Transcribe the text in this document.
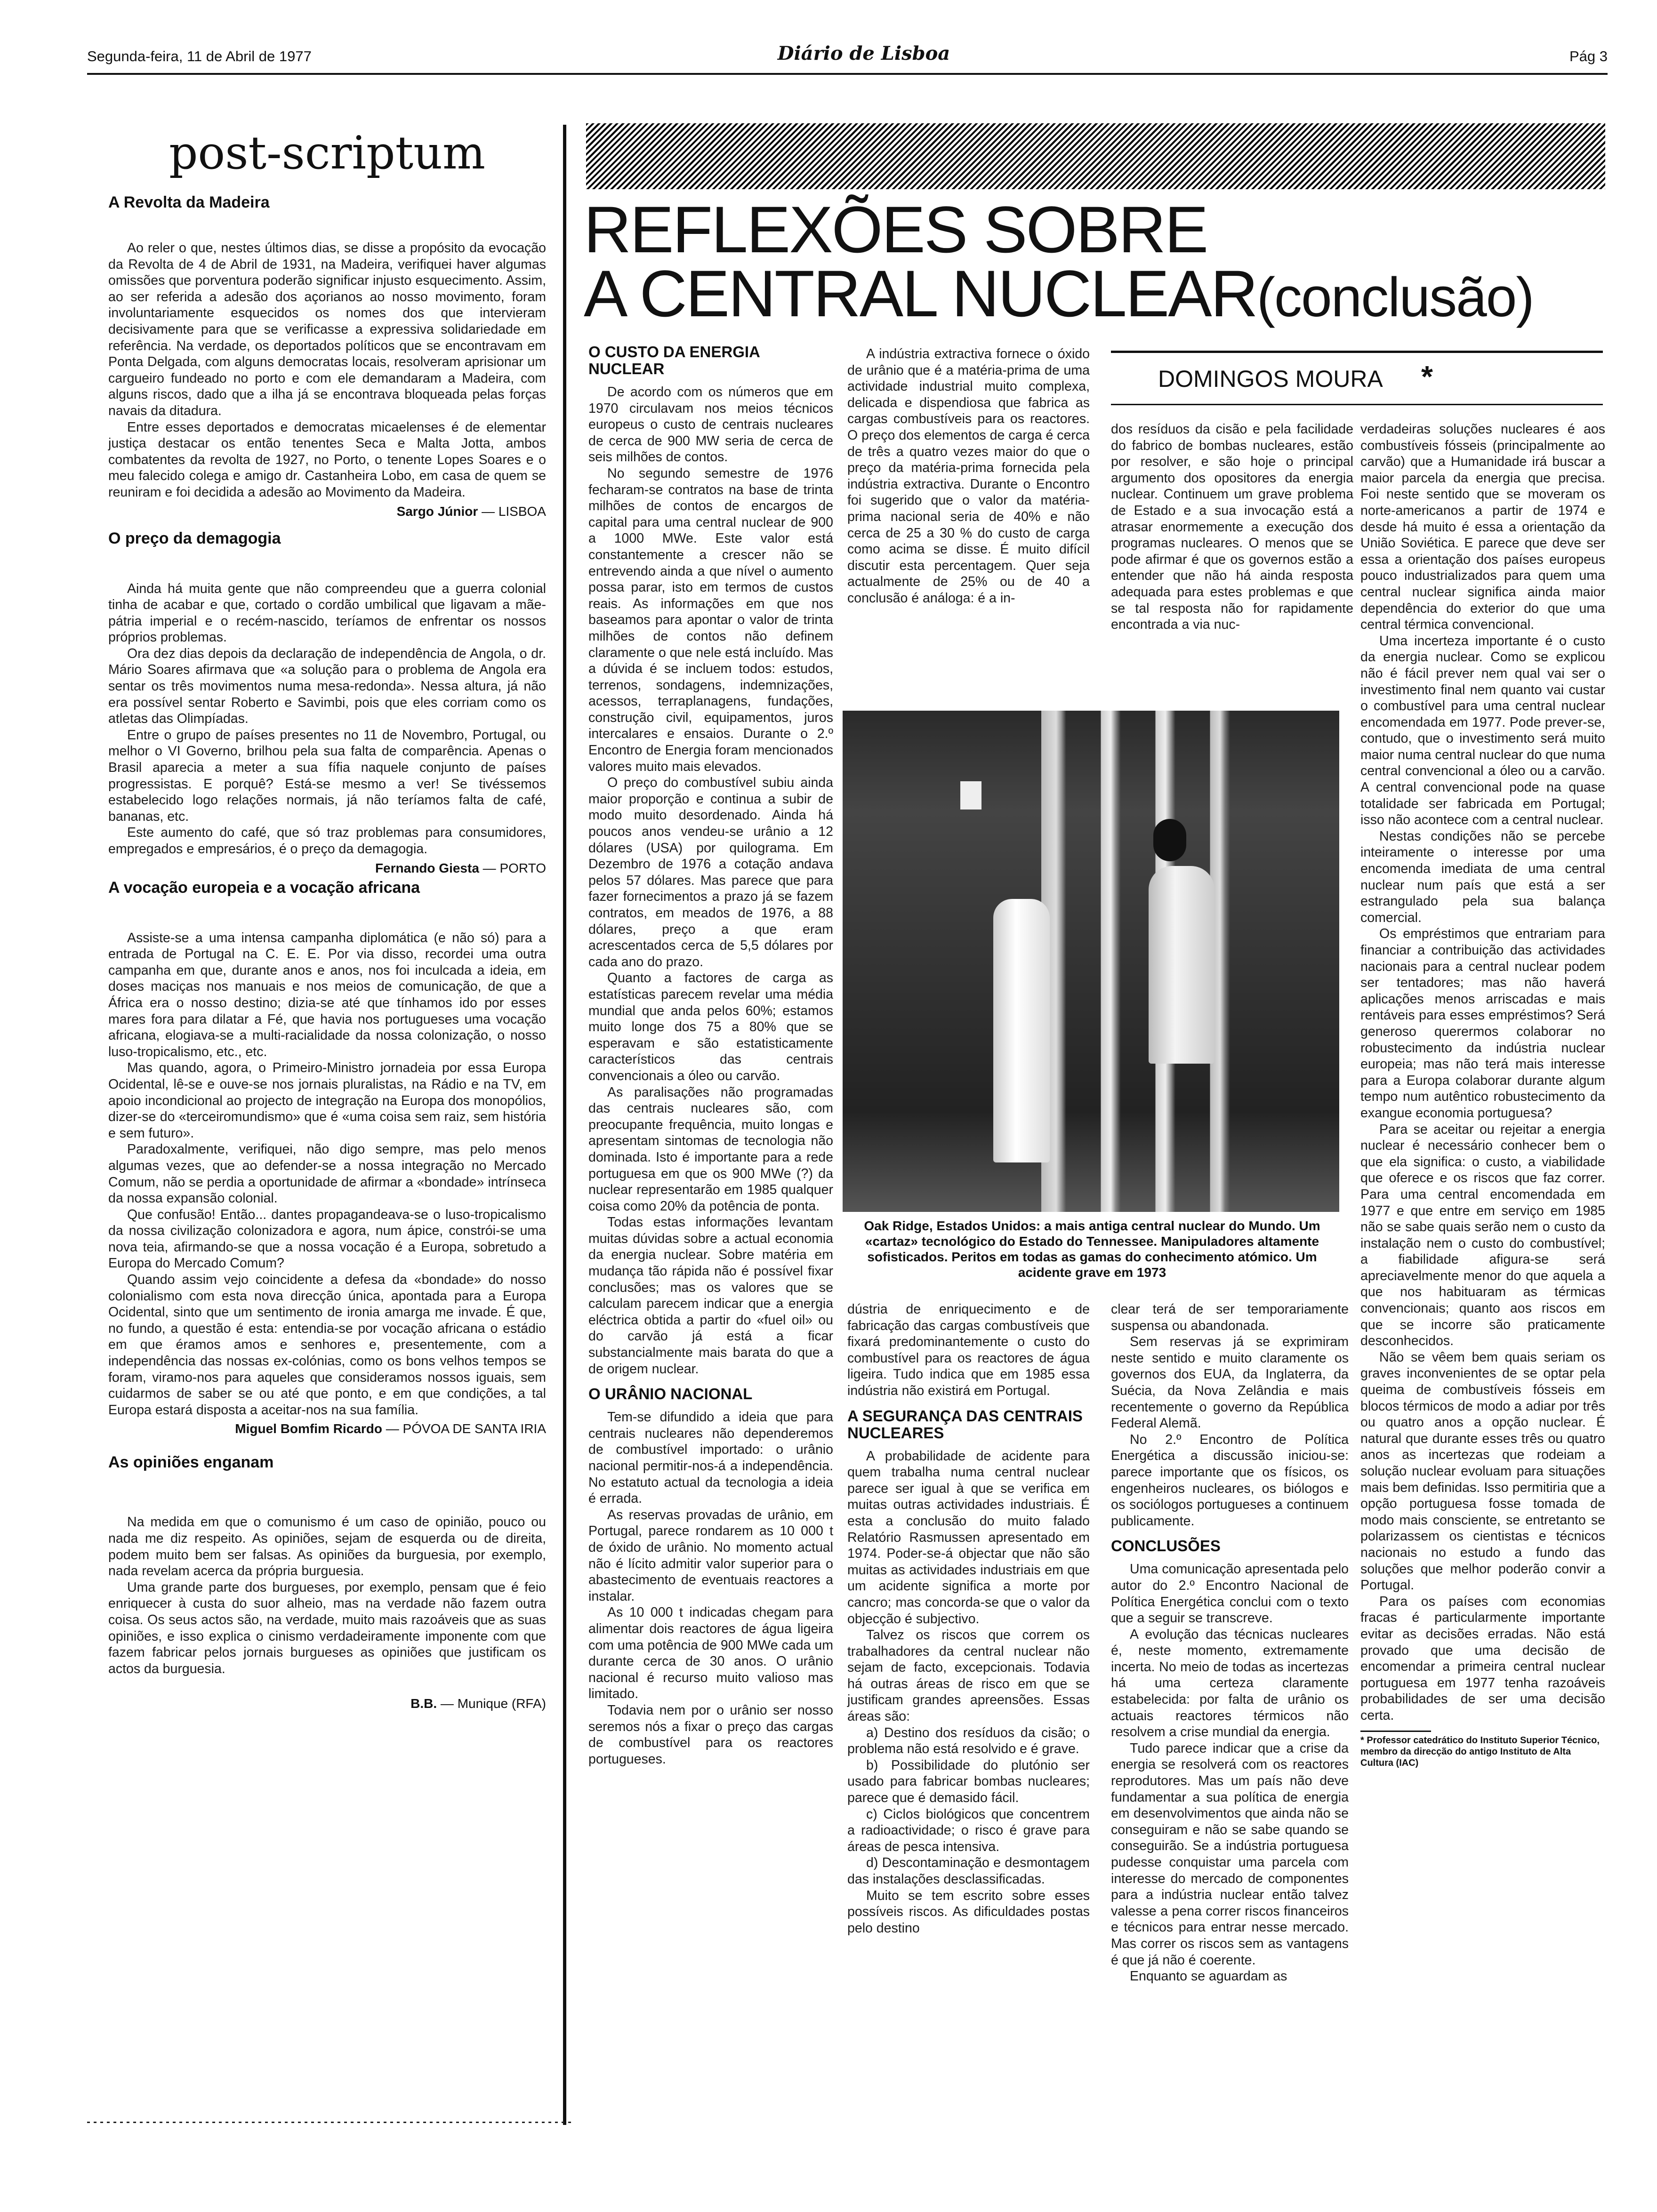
Segunda-feira, 11 de Abril de 1977	Diário de Lisboa	Pág 3
post-scriptum
A Revolta da Madeira

Ao reler o que, nestes últimos dias, se disse a propósito da evocação da Revolta de 4 de Abril de 1931, na Madeira, verifiquei haver algumas omissões que porventura poderão significar injusto esquecimento. Assim, ao ser referida a adesão dos açorianos ao nosso movimento, foram involuntariamente esquecidos os nomes dos que intervieram decisivamente para que se verificasse a expressiva solidariedade em referência. Na verdade, os deportados políticos que se encontravam em Ponta Delgada, com alguns democratas locais, resolveram aprisionar um cargueiro fundeado no porto e com ele demandaram a Madeira, com alguns riscos, dado que a ilha já se encontrava bloqueada pelas forças navais da ditadura.

Entre esses deportados e democratas micaelenses é de elementar justiça destacar os então tenentes Seca e Malta Jotta, ambos combatentes da revolta de 1927, no Porto, o tenente Lopes Soares e o meu falecido colega e amigo dr. Castanheira Lobo, em casa de quem se reuniram e foi decidida a adesão ao Movimento da Madeira.

Sargo Júnior — LISBOA
O preço da demagogia

Ainda há muita gente que não compreendeu que a guerra colonial tinha de acabar e que, cortado o cordão umbilical que ligavam a mãe-pátria imperial e o recém-nascido, teríamos de enfrentar os nossos próprios problemas.

Ora dez dias depois da declaração de independência de Angola, o dr. Mário Soares afirmava que «a solução para o problema de Angola era sentar os três movimentos numa mesa-redonda». Nessa altura, já não era possível sentar Roberto e Savimbi, pois que eles corriam como os atletas das Olimpíadas.

Entre o grupo de países presentes no 11 de Novembro, Portugal, ou melhor o VI Governo, brilhou pela sua falta de comparência. Apenas o Brasil aparecia a meter a sua fífia naquele conjunto de países progressistas. E porquê? Está-se mesmo a ver! Se tivéssemos estabelecido logo relações normais, já não teríamos falta de café, bananas, etc.

Este aumento do café, que só traz problemas para consumidores, empregados e empresários, é o preço da demagogia.

Fernando Giesta — PORTO
A vocação europeia e a vocação africana

Assiste-se a uma intensa campanha diplomática (e não só) para a entrada de Portugal na C. E. E. Por via disso, recordei uma outra campanha em que, durante anos e anos, nos foi inculcada a ideia, em doses maciças nos manuais e nos meios de comunicação, de que a África era o nosso destino; dizia-se até que tínhamos ido por esses mares fora para dilatar a Fé, que havia nos portugueses uma vocação africana, elogiava-se a multi-racialidade da nossa colonização, o nosso luso-tropicalismo, etc., etc.

Mas quando, agora, o Primeiro-Ministro jornadeia por essa Europa Ocidental, lê-se e ouve-se nos jornais pluralistas, na Rádio e na TV, em apoio incondicional ao projecto de integração na Europa dos monopólios, dizer-se do «terceiromundismo» que é «uma coisa sem raiz, sem história e sem futuro».

Paradoxalmente, verifiquei, não digo sempre, mas pelo menos algumas vezes, que ao defender-se a nossa integração no Mercado Comum, não se perdia a oportunidade de afirmar a «bondade» intrínseca da nossa expansão colonial.

Que confusão! Então... dantes propagandeava-se o luso-tropicalismo da nossa civilização colonizadora e agora, num ápice, constrói-se uma nova teia, afirmando-se que a nossa vocação é a Europa, sobretudo a Europa do Mercado Comum?

Quando assim vejo coincidente a defesa da «bondade» do nosso colonialismo com esta nova direcção única, apontada para a Europa Ocidental, sinto que um sentimento de ironia amarga me invade. É que, no fundo, a questão é esta: entendia-se por vocação africana o estádio em que éramos amos e senhores e, presentemente, com a independência das nossas ex-colónias, como os bons velhos tempos se foram, viramo-nos para aqueles que consideramos nossos iguais, sem cuidarmos de saber se ou até que ponto, e em que condições, a tal Europa estará disposta a aceitar-nos na sua família.

Miguel Bomfim Ricardo — PÓVOA DE SANTA IRIA
As opiniões enganam

Na medida em que o comunismo é um caso de opinião, pouco ou nada me diz respeito. As opiniões, sejam de esquerda ou de direita, podem muito bem ser falsas. As opiniões da burguesia, por exemplo, nada revelam acerca da própria burguesia.

Uma grande parte dos burgueses, por exemplo, pensam que é feio enriquecer à custa do suor alheio, mas na verdade não fazem outra coisa. Os seus actos são, na verdade, muito mais razoáveis que as suas opiniões, e isso explica o cinismo verdadeiramente imponente com que fazem fabricar pelos jornais burgueses as opiniões que justificam os actos da burguesia.

B.B. — Munique (RFA)
REFLEXÕES SOBRE
A CENTRAL NUCLEAR(conclusão)
DOMINGOS MOURA *
O CUSTO DA ENERGIA NUCLEAR

De acordo com os números que em 1970 circulavam nos meios técnicos europeus o custo de centrais nucleares de cerca de 900 MW seria de cerca de seis milhões de contos.

No segundo semestre de 1976 fecharam-se contratos na base de trinta milhões de contos de encargos de capital para uma central nuclear de 900 a 1000 MWe. Este valor está constantemente a crescer não se entrevendo ainda a que nível o aumento possa parar, isto em termos de custos reais. As informações em que nos baseamos para apontar o valor de trinta milhões de contos não definem claramente o que nele está incluído. Mas a dúvida é se incluem todos: estudos, terrenos, sondagens, indemnizações, acessos, terraplanagens, fundações, construção civil, equipamentos, juros intercalares e ensaios. Durante o 2.º Encontro de Energia foram mencionados valores muito mais elevados.

O preço do combustível subiu ainda maior proporção e continua a subir de modo muito desordenado. Ainda há poucos anos vendeu-se urânio a 12 dólares (USA) por quilograma. Em Dezembro de 1976 a cotação andava pelos 57 dólares. Mas parece que para fazer fornecimentos a prazo já se fazem contratos, em meados de 1976, a 88 dólares, preço a que eram acrescentados cerca de 5,5 dólares por cada ano do prazo.

Quanto a factores de carga as estatísticas parecem revelar uma média mundial que anda pelos 60%; estamos muito longe dos 75 a 80% que se esperavam e são estatisticamente característicos das centrais convencionais a óleo ou carvão.

As paralisações não programadas das centrais nucleares são, com preocupante frequência, muito longas e apresentam sintomas de tecnologia não dominada. Isto é importante para a rede portuguesa em que os 900 MWe (?) da nuclear representarão em 1985 qualquer coisa como 20% da potência de ponta.

Todas estas informações levantam muitas dúvidas sobre a actual economia da energia nuclear. Sobre matéria em mudança tão rápida não é possível fixar conclusões; mas os valores que se calculam parecem indicar que a energia eléctrica obtida a partir do «fuel oil» ou do carvão já está a ficar substancialmente mais barata do que a de origem nuclear.

O URÂNIO NACIONAL

Tem-se difundido a ideia que para centrais nucleares não dependeremos de combustível importado: o urânio nacional permitir-nos-á a independência. No estatuto actual da tecnologia a ideia é errada.

As reservas provadas de urânio, em Portugal, parece rondarem as 10 000 t de óxido de urânio. No momento actual não é lícito admitir valor superior para o abastecimento de eventuais reactores a instalar.

As 10 000 t indicadas chegam para alimentar dois reactores de água ligeira com uma potência de 900 MWe cada um durante cerca de 30 anos. O urânio nacional é recurso muito valioso mas limitado.

Todavia nem por o urânio ser nosso seremos nós a fixar o preço das cargas de combustível para os reactores portugueses.

A indústria extractiva fornece o óxido de urânio que é a matéria-prima de uma actividade industrial muito complexa, delicada e dispendiosa que fabrica as cargas combustíveis para os reactores. O preço dos elementos de carga é cerca de três a quatro vezes maior do que o preço da matéria-prima fornecida pela indústria extractiva. Durante o Encontro foi sugerido que o valor da matéria-prima nacional seria de 40% e não cerca de 25 a 30 % do custo de carga como acima se disse. É muito difícil discutir esta percentagem. Quer seja actualmente de 25% ou de 40 a conclusão é análoga: é a in-

dos resíduos da cisão e pela facilidade do fabrico de bombas nucleares, estão por resolver, e são hoje o principal argumento dos opositores da energia nuclear. Continuem um grave problema de Estado e a sua invocação está a atrasar enormemente a execução dos programas nucleares. O menos que se pode afirmar é que os governos estão a entender que não há ainda resposta adequada para estes problemas e que se tal resposta não for rapidamente encontrada a via nuc-

verdadeiras soluções nucleares é aos combustíveis fósseis (principalmente ao carvão) que a Humanidade irá buscar a maior parcela da energia que precisa. Foi neste sentido que se moveram os norte-americanos a partir de 1974 e desde há muito é essa a orientação da União Soviética. E parece que deve ser essa a orientação dos países europeus pouco industrializados para quem uma central nuclear significa ainda maior dependência do exterior do que uma central térmica convencional.

Uma incerteza importante é o custo da energia nuclear. Como se explicou não é fácil prever nem qual vai ser o investimento final nem quanto vai custar o combustível para uma central nuclear encomendada em 1977. Pode prever-se, contudo, que o investimento será muito maior numa central nuclear do que numa central convencional a óleo ou a carvão. A central convencional pode na quase totalidade ser fabricada em Portugal; isso não acontece com a central nuclear.

Nestas condições não se percebe inteiramente o interesse por uma encomenda imediata de uma central nuclear num país que está a ser estrangulado pela sua balança comercial.

Os empréstimos que entrariam para financiar a contribuição das actividades nacionais para a central nuclear podem ser tentadores; mas não haverá aplicações menos arriscadas e mais rentáveis para esses empréstimos? Será generoso querermos colaborar no robustecimento da indústria nuclear europeia; mas não terá mais interesse para a Europa colaborar durante algum tempo num autêntico robustecimento da exangue economia portuguesa?

Para se aceitar ou rejeitar a energia nuclear é necessário conhecer bem o que ela significa: o custo, a viabilidade que oferece e os riscos que faz correr. Para uma central encomendada em 1977 e que entre em serviço em 1985 não se sabe quais serão nem o custo da instalação nem o custo do combustível; a fiabilidade afigura-se será apreciavelmente menor do que aquela a que nos habituaram as térmicas convencionais; quanto aos riscos em que se incorre são praticamente desconhecidos.

Não se vêem bem quais seriam os graves inconvenientes de se optar pela queima de combustíveis fósseis em blocos térmicos de modo a adiar por três ou quatro anos a opção nuclear. É natural que durante esses três ou quatro anos as incertezas que rodeiam a solução nuclear evoluam para situações mais bem definidas. Isso permitiria que a opção portuguesa fosse tomada de modo mais consciente, se entretanto se polarizassem os cientistas e técnicos nacionais no estudo a fundo das soluções que melhor poderão convir a Portugal.

Para os países com economias fracas é particularmente importante evitar as decisões erradas. Não está provado que uma decisão de encomendar a primeira central nuclear portuguesa em 1977 tenha razoáveis probabilidades de ser uma decisão certa.

* Professor catedrático do Instituto Superior Técnico, membro da direcção do antigo Instituto de Alta Cultura (IAC)
Oak Ridge, Estados Unidos: a mais antiga central nuclear do Mundo. Um «cartaz» tecnológico do Estado do Tennessee. Manipuladores altamente sofisticados. Peritos em todas as gamas do conhecimento atómico. Um acidente grave em 1973

dústria de enriquecimento e de fabricação das cargas combustíveis que fixará predominantemente o custo do combustível para os reactores de água ligeira. Tudo indica que em 1985 essa indústria não existirá em Portugal.

A SEGURANÇA DAS CENTRAIS NUCLEARES

A probabilidade de acidente para quem trabalha numa central nuclear parece ser igual à que se verifica em muitas outras actividades industriais. É esta a conclusão do muito falado Relatório Rasmussen apresentado em 1974. Poder-se-á objectar que não são muitas as actividades industriais em que um acidente significa a morte por cancro; mas concorda-se que o valor da objecção é subjectivo.

Talvez os riscos que correm os trabalhadores da central nuclear não sejam de facto, excepcionais. Todavia há outras áreas de risco em que se justificam grandes apreensões. Essas áreas são:

a) Destino dos resíduos da cisão; o problema não está resolvido e é grave.

b) Possibilidade do plutónio ser usado para fabricar bombas nucleares; parece que é demasido fácil.

c) Ciclos biológicos que concentrem a radioactividade; o risco é grave para áreas de pesca intensiva.

d) Descontaminação e desmontagem das instalações desclassificadas.

Muito se tem escrito sobre esses possíveis riscos. As dificuldades postas pelo destino

clear terá de ser temporariamente suspensa ou abandonada.

Sem reservas já se exprimiram neste sentido e muito claramente os governos dos EUA, da Inglaterra, da Suécia, da Nova Zelândia e mais recentemente o governo da República Federal Alemã.

No 2.º Encontro de Política Energética a discussão iniciou-se: parece importante que os físicos, os engenheiros nucleares, os biólogos e os sociólogos portugueses a continuem publicamente.

CONCLUSÕES

Uma comunicação apresentada pelo autor do 2.º Encontro Nacional de Política Energética conclui com o texto que a seguir se transcreve.

A evolução das técnicas nucleares é, neste momento, extremamente incerta. No meio de todas as incertezas há uma certeza claramente estabelecida: por falta de urânio os actuais reactores térmicos não resolvem a crise mundial da energia.

Tudo parece indicar que a crise da energia se resolverá com os reactores reprodutores. Mas um país não deve fundamentar a sua política de energia em desenvolvimentos que ainda não se conseguiram e não se sabe quando se conseguirão. Se a indústria portuguesa pudesse conquistar uma parcela com interesse do mercado de componentes para a indústria nuclear então talvez valesse a pena correr riscos financeiros e técnicos para entrar nesse mercado. Mas correr os riscos sem as vantagens é que já não é coerente.

Enquanto se aguardam as
